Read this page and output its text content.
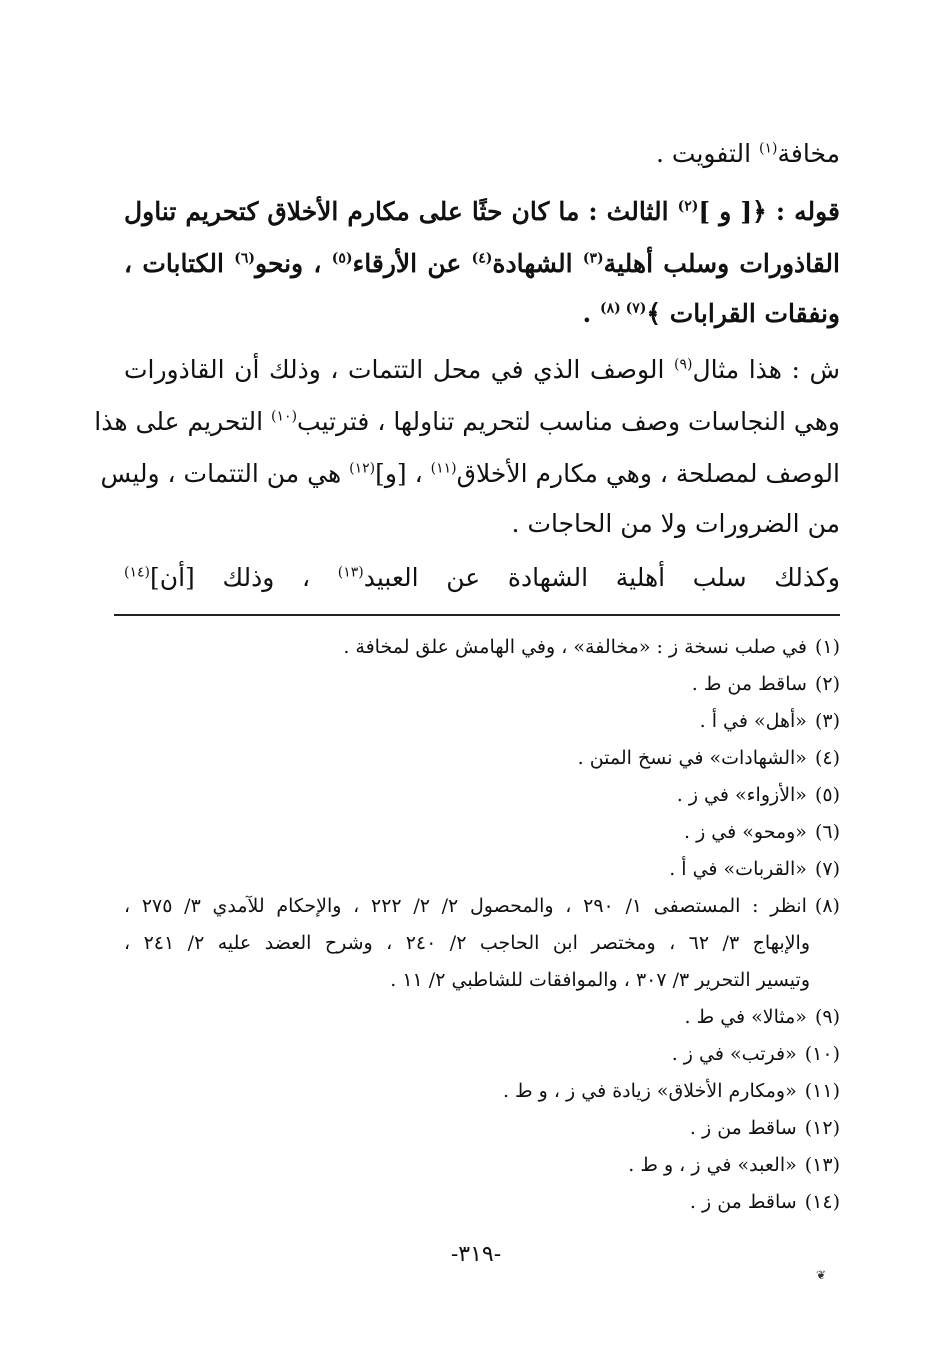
مخافة$^{(١)}$ التفويت .
قوله : ﴿[ و ]$^{(٢)}$ الثالث : ما كان حثًا على مكارم الأخلاق كتحريم تناول
القاذورات وسلب أهلية$^{(٣)}$ الشهادة$^{(٤)}$ عن الأرقاء$^{(٥)}$ ، ونحو$^{(٦)}$ الكتابات ،
ونفقات القرابات ﴾$^{(٧) (٨)}$ .
ش : هذا مثال$^{(٩)}$ الوصف الذي في محل التتمات ، وذلك أن القاذورات
وهي النجاسات وصف مناسب لتحريم تناولها ، فترتيب$^{(١٠)}$ التحريم على هذا
الوصف لمصلحة ، وهي مكارم الأخلاق$^{(١١)}$ ، [و]$^{(١٢)}$ هي من التتمات ، وليس
من الضرورات ولا من الحاجات .
وكذلك سلب أهلية الشهادة عن العبيد$^{(١٣)}$ ، وذلك [أن]$^{(١٤)}$
(١)في صلب نسخة ز : «مخالفة» ، وفي الهامش علق لمخافة .
(٢)ساقط من ط .
(٣)«أهل» في أ .
(٤)«الشهادات» في نسخ المتن .
(٥)«الأزواء» في ز .
(٦)«ومحو» في ز .
(٧)«القربات» في أ .
(٨)انظر : المستصفى ١/ ٢٩٠ ، والمحصول ٢/ ٢/ ٢٢٢ ، والإحكام للآمدي ٣/ ٢٧٥ ،
والإبهاج ٣/ ٦٢ ، ومختصر ابن الحاجب ٢/ ٢٤٠ ، وشرح العضد عليه ٢/ ٢٤١ ،
وتيسير التحرير ٣/ ٣٠٧ ، والموافقات للشاطبي ٢/ ١١ .
(٩)«مثالا» في ط .
(١٠)«فرتب» في ز .
(١١)«ومكارم الأخلاق» زيادة في ز ، و ط .
(١٢)ساقط من ز .
(١٣)«العبد» في ز ، و ط .
(١٤)ساقط من ز .
-٣١٩-
❦
